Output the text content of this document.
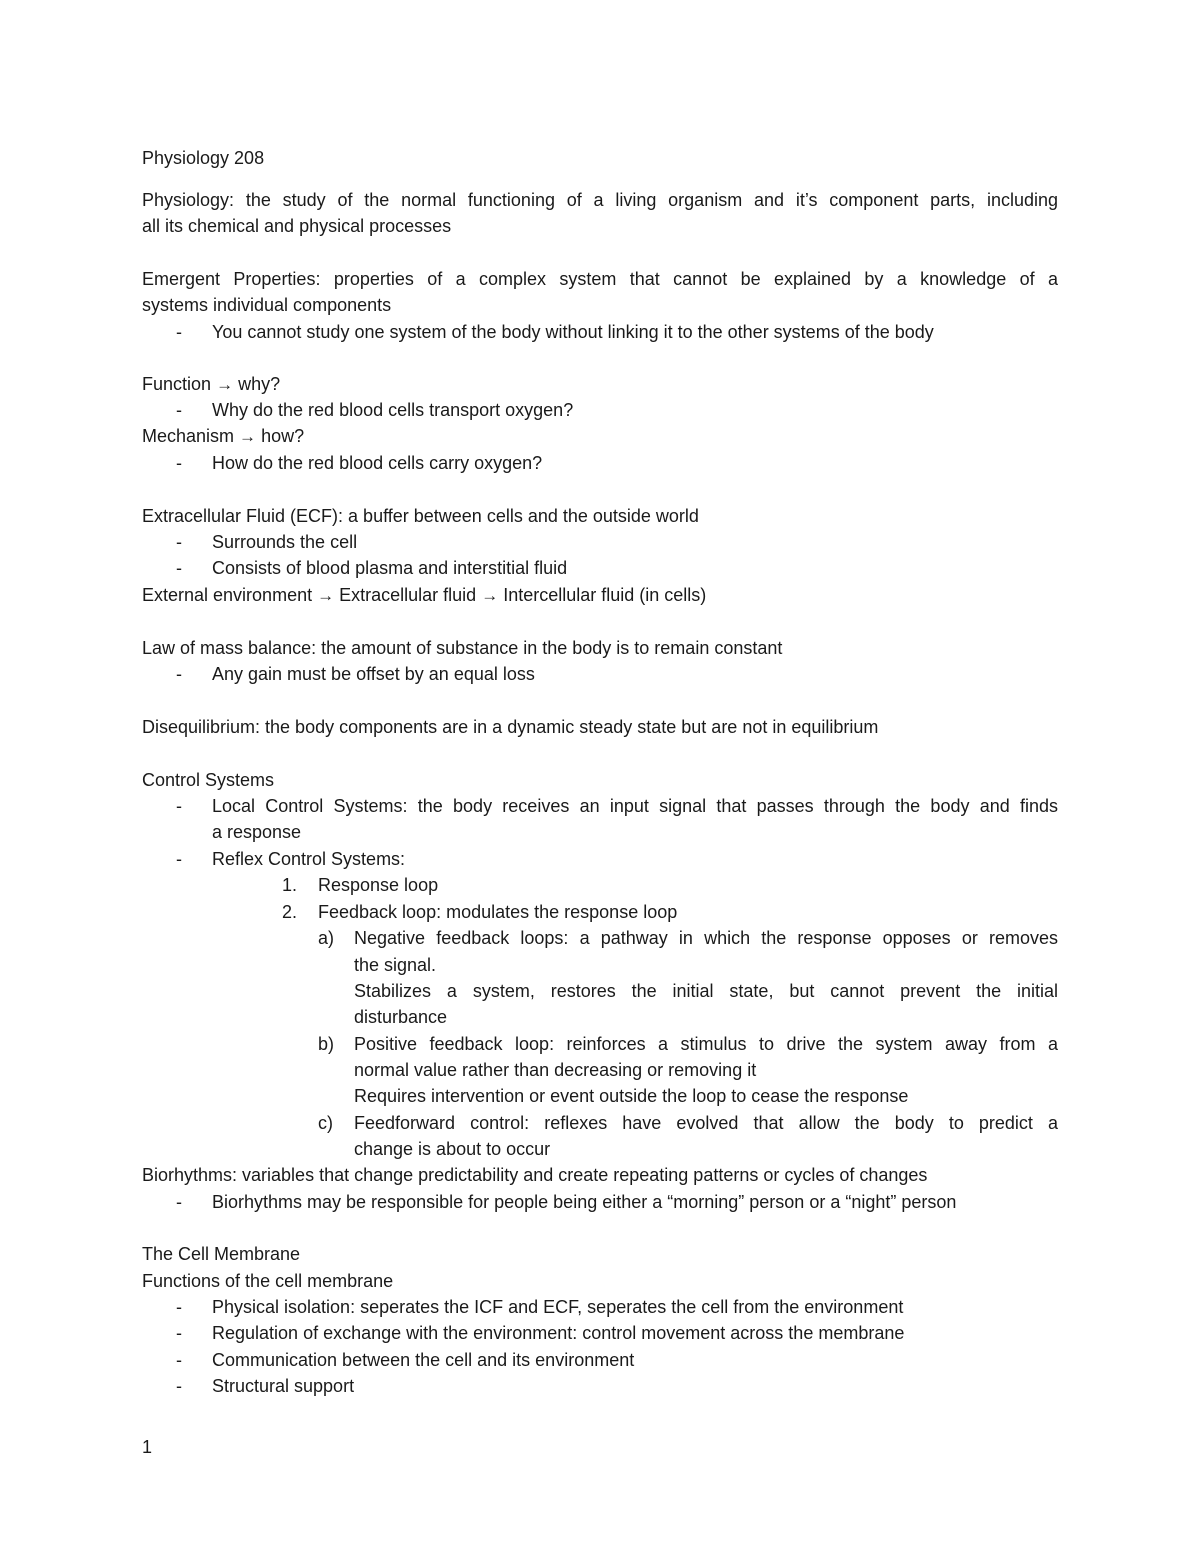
Physiology 208
Physiology: the study of the normal functioning of a living organism and it’s component parts, including
all its chemical and physical processes
Emergent Properties: properties of a complex system that cannot be explained by a knowledge of a
systems individual components
-	You cannot study one system of the body without linking it to the other systems of the body
Function → why?
-	Why do the red blood cells transport oxygen?
Mechanism → how?
-	How do the red blood cells carry oxygen?
Extracellular Fluid (ECF): a buffer between cells and the outside world
-	Surrounds the cell
-	Consists of blood plasma and interstitial fluid
External environment → Extracellular fluid → Intercellular fluid (in cells)
Law of mass balance: the amount of substance in the body is to remain constant
-	Any gain must be offset by an equal loss
Disequilibrium: the body components are in a dynamic steady state but are not in equilibrium
Control Systems
-	Local Control Systems: the body receives an input signal that passes through the body and finds
a response
-	Reflex Control Systems:
1. Response loop
2. Feedback loop: modulates the response loop
a) Negative feedback loops: a pathway in which the response opposes or removes
the signal.
Stabilizes a system, restores the initial state, but cannot prevent the initial
disturbance
b) Positive feedback loop: reinforces a stimulus to drive the system away from a
normal value rather than decreasing or removing it
Requires intervention or event outside the loop to cease the response
c) Feedforward control: reflexes have evolved that allow the body to predict a
change is about to occur
Biorhythms: variables that change predictability and create repeating patterns or cycles of changes
-	Biorhythms may be responsible for people being either a “morning” person or a “night” person
The Cell Membrane
Functions of the cell membrane
-	Physical isolation: seperates the ICF and ECF, seperates the cell from the environment
-	Regulation of exchange with the environment: control movement across the membrane
-	Communication between the cell and its environment
-	Structural support
1
